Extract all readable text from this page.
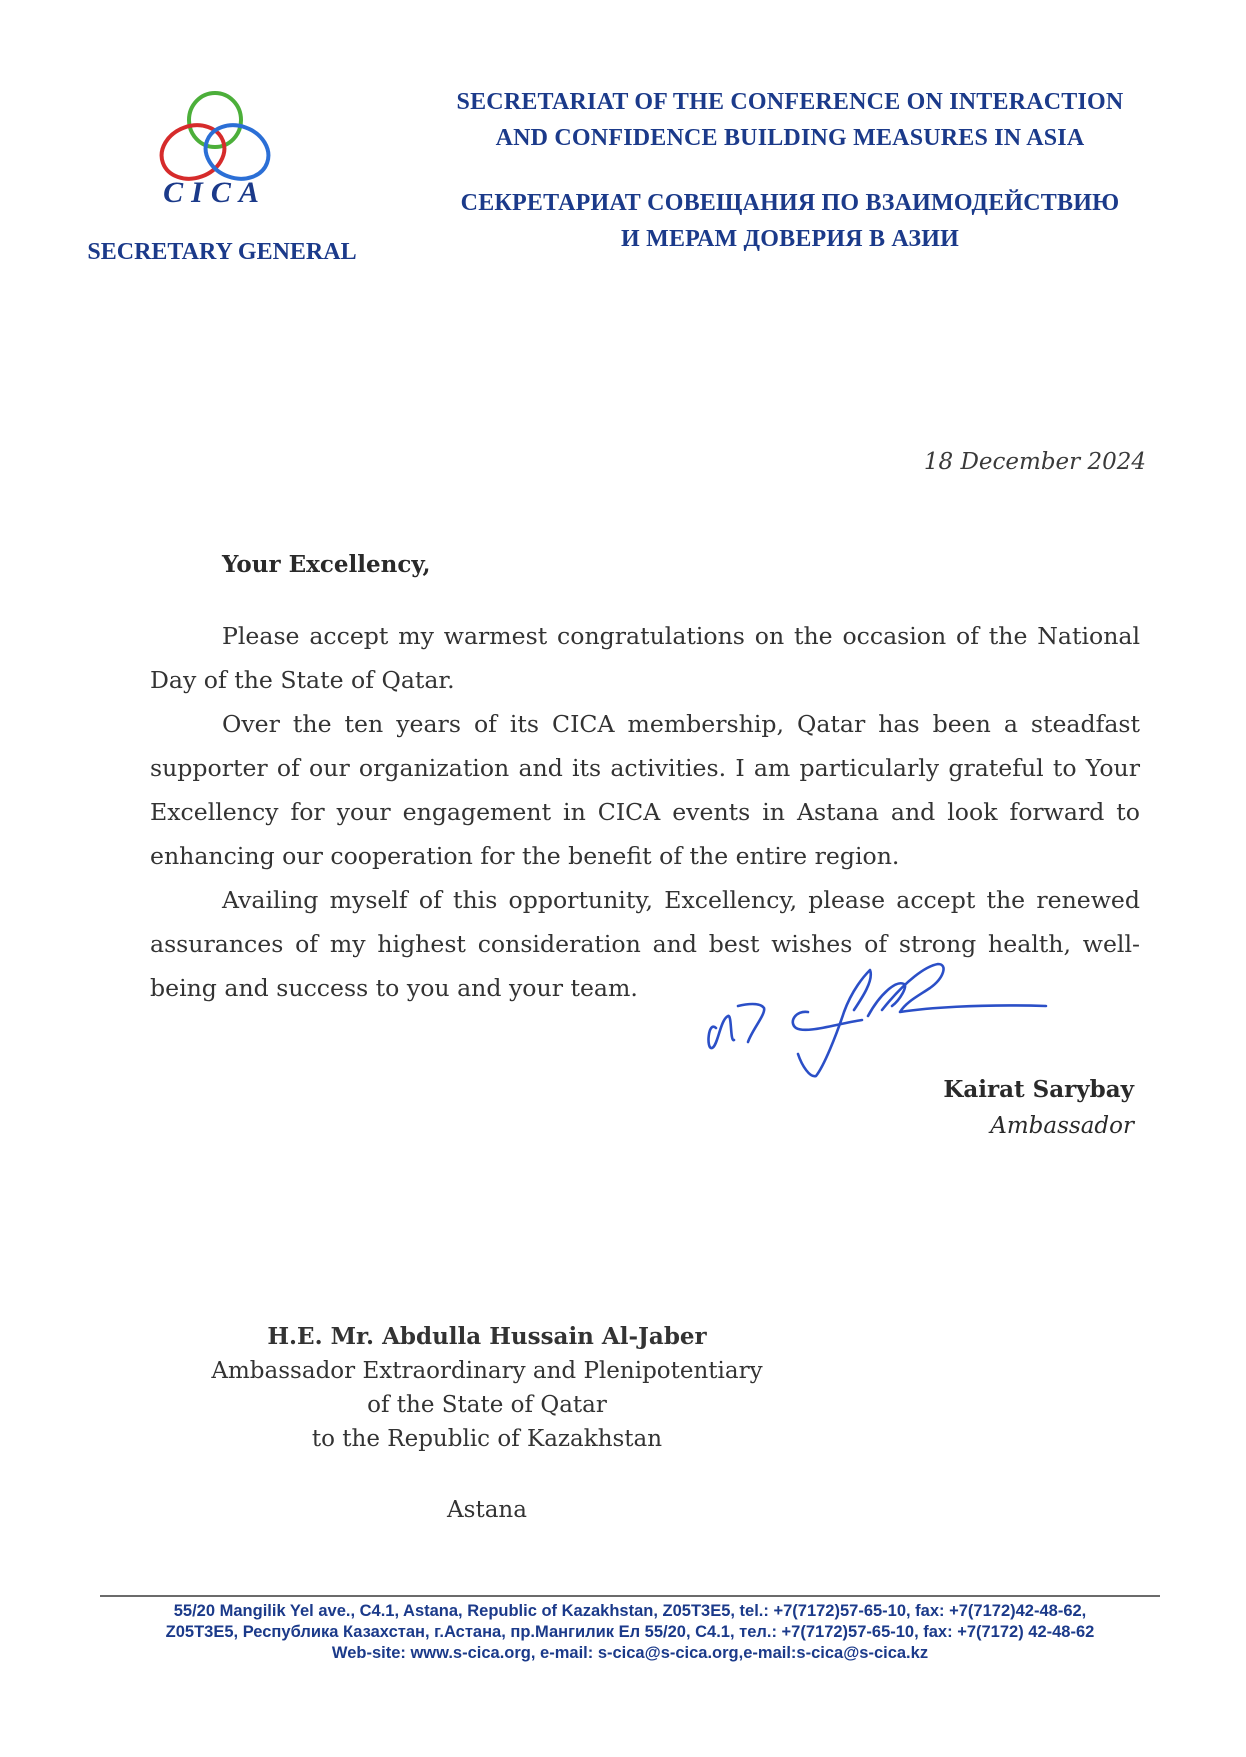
CICA
SECRETARY GENERAL
SECRETARIAT OF THE CONFERENCE ON INTERACTION
AND CONFIDENCE BUILDING MEASURES IN ASIA
СЕКРЕТАРИАТ СОВЕЩАНИЯ ПО ВЗАИМОДЕЙСТВИЮ
И МЕРАМ ДОВЕРИЯ В АЗИИ
18 December 2024
Your Excellency,

Please accept my warmest congratulations on the occasion of the National Day of the State of Qatar.

Over the ten years of its CICA membership, Qatar has been a steadfast supporter of our organization and its activities. I am particularly grateful to Your Excellency for your engagement in CICA events in Astana and look forward to enhancing our cooperation for the benefit of the entire region.

Availing myself of this opportunity, Excellency, please accept the renewed assurances of my highest consideration and best wishes of strong health, well-being and success to you and your team.

Kairat Sarybay
Ambassador
H.E. Mr. Abdulla Hussain Al-Jaber
Ambassador Extraordinary and Plenipotentiary
of the State of Qatar
to the Republic of Kazakhstan
Astana
55/20 Mangilik Yel ave., C4.1, Astana, Republic of Kazakhstan, Z05T3E5, tel.: +7(7172)57-65-10, fax: +7(7172)42-48-62,
Z05T3E5, Республика Казахстан, г.Астана, пр.Мангилик Ел 55/20, С4.1, тел.: +7(7172)57-65-10, fax: +7(7172) 42-48-62
Web-site: www.s-cica.org, e-mail: s-cica@s-cica.org,e-mail:s-cica@s-cica.kz
